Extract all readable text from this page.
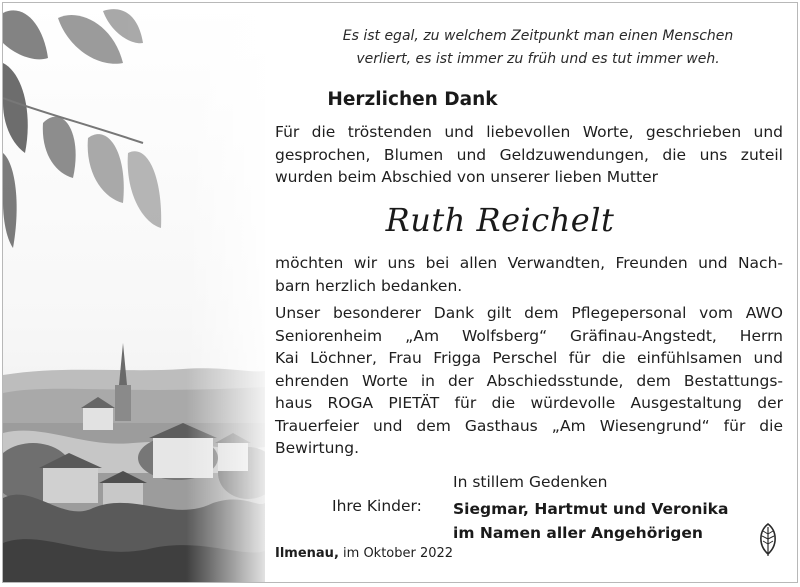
Es ist egal, zu welchem Zeitpunkt man einen Menschen
verliert, es ist immer zu früh und es tut immer weh.
Herzlichen Dank
Für die tröstenden und liebevollen Worte, geschrieben und
gesprochen, Blumen und Geldzuwendungen, die uns zuteil
wurden beim Abschied von unserer lieben Mutter
Ruth Reichelt
möchten wir uns bei allen Verwandten, Freunden und Nach-
barn herzlich bedanken.
Unser besonderer Dank gilt dem Pflegepersonal vom AWO
Seniorenheim „Am Wolfsberg“ Gräfinau-Angstedt, Herrn
Kai Löchner, Frau Frigga Perschel für die einfühlsamen und
ehrenden Worte in der Abschiedsstunde, dem Bestattungs-
haus ROGA PIETÄT für die würdevolle Ausgestaltung der
Trauerfeier und dem Gasthaus „Am Wiesengrund“ für die
Bewirtung.
In stillem Gedenken
Ihre Kinder: Siegmar, Hartmut und Veronika
im Namen aller Angehörigen
Ilmenau, im Oktober 2022
